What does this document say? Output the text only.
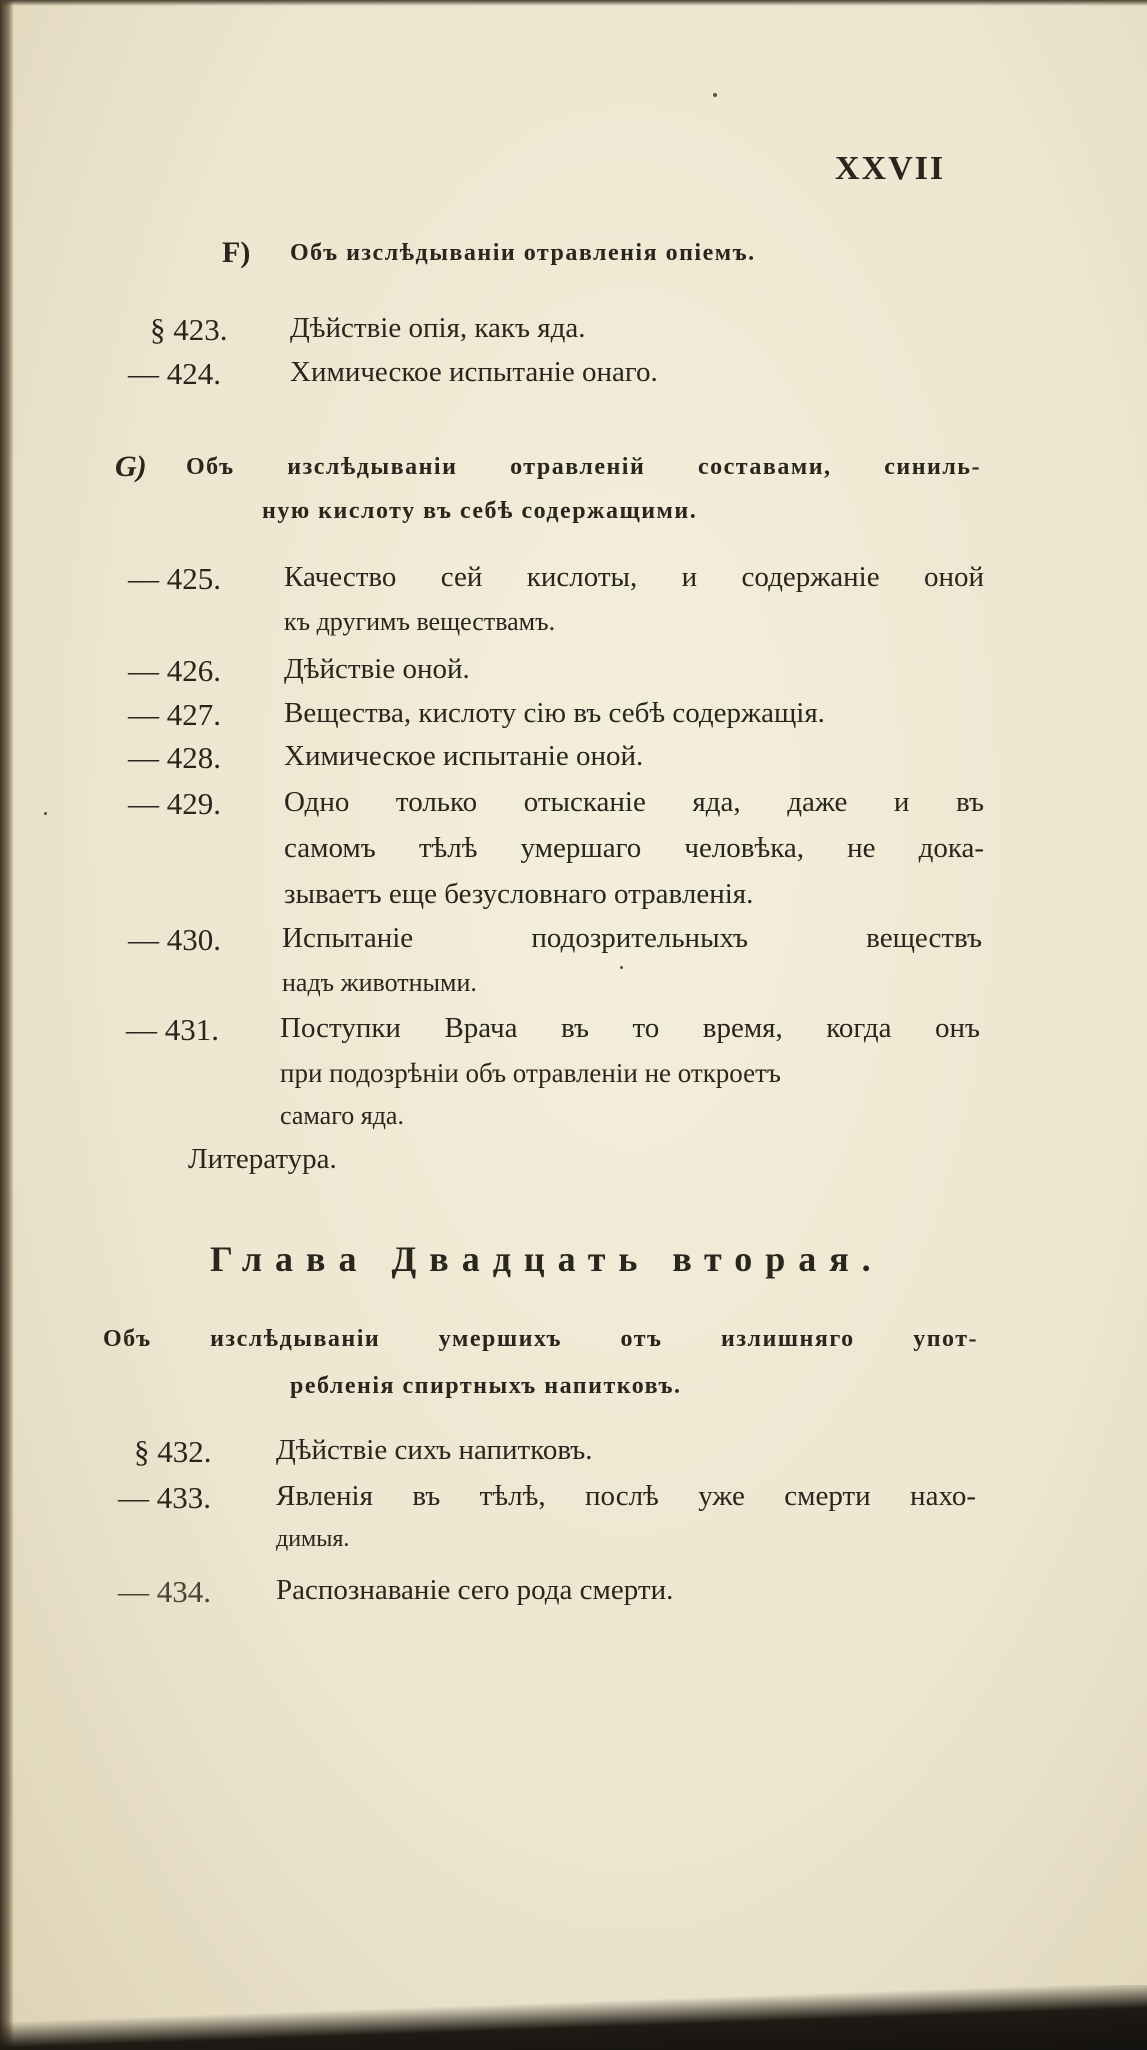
XXVII
F) Объ изслѣдываніи отравленія опіемъ.
§ 423. Дѣйствіе опія, какъ яда.
— 424. Химическое испытаніе онаго.
G) Объ изслѣдываніи отравленій составами, синиль-
ную кислоту въ себѣ содержащими.
— 425. Качество сей кислоты, и содержаніе оной
къ другимъ веществамъ.
— 426. Дѣйствіе оной.
— 427. Вещества, кислоту сію въ себѣ содержащія.
— 428. Химическое испытаніе оной.
— 429. Одно только отысканіе яда, даже и въ
самомъ тѣлѣ умершаго человѣка, не дока-
зываетъ еще безусловнаго отравленія.
— 430. Испытаніе подозрительныхъ веществъ
надъ животными.
— 431. Поступки Врача въ то время, когда онъ
при подозрѣніи объ отравленіи не откроетъ
самаго яда.
Литература.
Глава Двадцать вторая.
Объ изслѣдываніи умершихъ отъ излишняго упот-
ребленія спиртныхъ напитковъ.
§ 432. Дѣйствіе сихъ напитковъ.
— 433. Явленія въ тѣлѣ, послѣ уже смерти нахо-
димыя.
— 434. Распознаваніе сего рода смерти.
